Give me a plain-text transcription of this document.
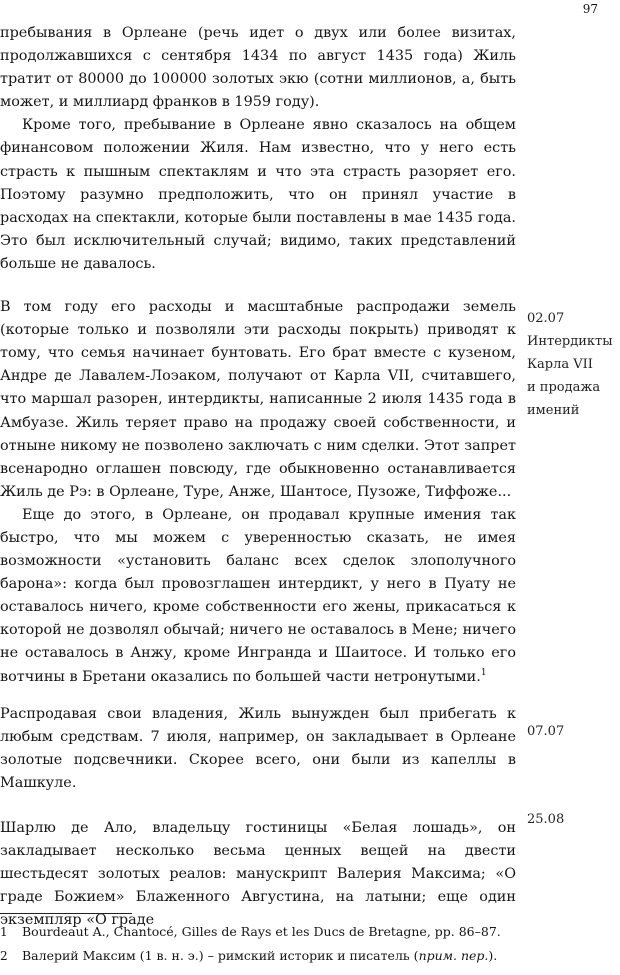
97

пребывания в Орлеане (речь идет о двух или более визитах, продолжавшихся с сентября 1434 по август 1435 года) Жиль тратит от 80000 до 100000 золотых экю (сотни миллионов, а, быть может, и миллиард франков в 1959 году).

Кроме того, пребывание в Орлеане явно сказалось на общем финансовом положении Жиля. Нам известно, что у него есть страсть к пышным спектаклям и что эта страсть разоряет его. Поэтому разумно предположить, что он принял участие в расходах на спектакли, которые были поставлены в мае 1435 года. Это был исключительный случай; видимо, таких представлений больше не давалось.

В том году его расходы и масштабные распродажи земель (которые только и позволяли эти расходы покрыть) приводят к тому, что семья начинает бунтовать. Его брат вместе с кузеном, Андре де Лавалем-Лоэаком, получают от Карла VII, считавшего, что маршал разорен, интердикты, написанные 2 июля 1435 года в Амбуазе. Жиль теряет право на продажу своей собственности, и отныне никому не позволено заключать с ним сделки. Этот запрет всенародно оглашен повсюду, где обыкновенно останавливается Жиль де Рэ: в Орлеане, Туре, Анже, Шантосе, Пузоже, Тиффоже...

Еще до этого, в Орлеане, он продавал крупные имения так быстро, что мы можем с уверенностью сказать, не имея возможности «установить баланс всех сделок злополучного барона»: когда был провозглашен интердикт, у него в Пуату не оставалось ничего, кроме собственности его жены, прикасаться к которой не дозволял обычай; ничего не оставалось в Мене; ничего не оставалось в Анжу, кроме Ингранда и Шаитосе. И только его вотчины в Бретани оказались по большей части нетронутыми.$^1$

Распродавая свои владения, Жиль вынужден был прибегать к любым средствам. 7 июля, например, он закладывает в Орлеане золотые подсвечники. Скорее всего, они были из капеллы в Машкуле.

Шарлю де Ало, владельцу гостиницы «Белая лошадь», он закладывает несколько весьма ценных вещей на двести шестьдесят золотых реалов: манускрипт Валерия Максима; «О граде Божием» Блаженного Августина, на латыни; еще один экземпляр «О граде

02.07
Интердикты
Карла VII
и продажа
имений
07.07
25.08
1	Bourdeaut A., Chantocé, Gilles de Rays et les Ducs de Bretagne, pp. 86–87.
2	Валерий Максим (1 в. н. э.) – римский историк и писатель (прим. пер.).
